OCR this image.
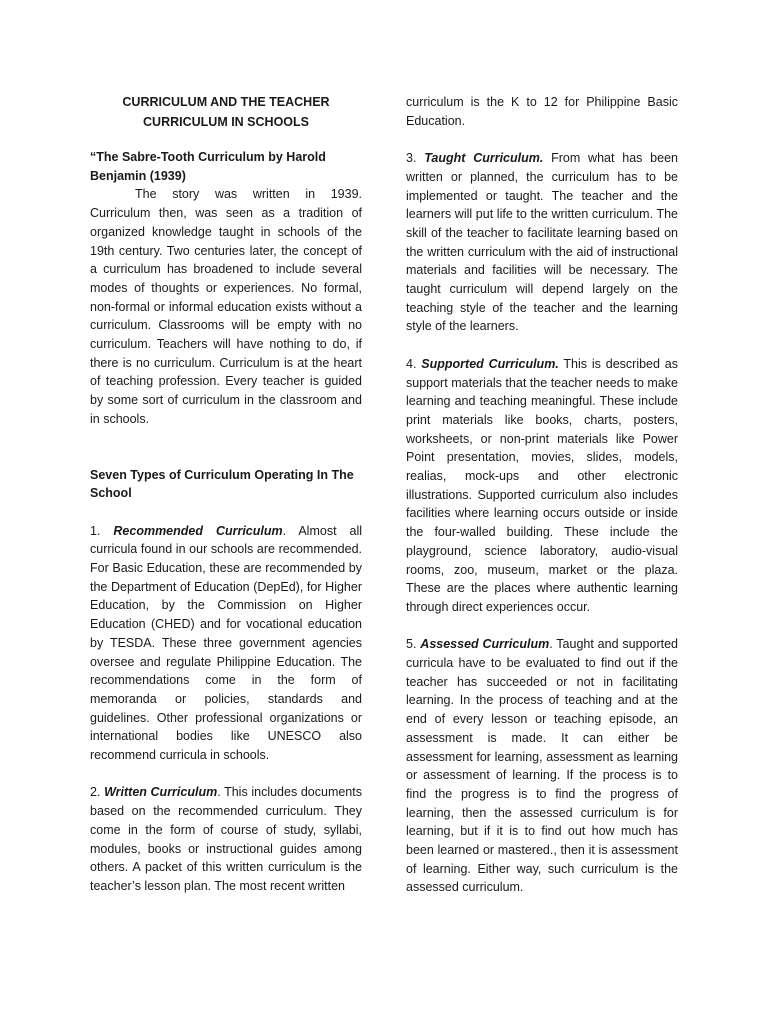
CURRICULUM AND THE TEACHER

CURRICULUM IN SCHOOLS

“The Sabre-Tooth Curriculum by Harold Benjamin (1939)

The story was written in 1939. Curriculum then, was seen as a tradition of organized knowledge taught in schools of the 19th century. Two centuries later, the concept of a curriculum has broadened to include several modes of thoughts or experiences. No formal, non-formal or informal education exists without a curriculum. Classrooms will be empty with no curriculum. Teachers will have nothing to do, if there is no curriculum. Curriculum is at the heart of teaching profession. Every teacher is guided by some sort of curriculum in the classroom and in schools.

Seven Types of Curriculum Operating In The School

1. Recommended Curriculum. Almost all curricula found in our schools are recommended. For Basic Education, these are recommended by the Department of Education (DepEd), for Higher Education, by the Commission on Higher Education (CHED) and for vocational education by TESDA. These three government agencies oversee and regulate Philippine Education. The recommendations come in the form of memoranda or policies, standards and guidelines. Other professional organizations or international bodies like UNESCO also recommend curricula in schools.

2. Written Curriculum. This includes documents based on the recommended curriculum. They come in the form of course of study, syllabi, modules, books or instructional guides among others. A packet of this written curriculum is the teacher’s lesson plan. The most recent written

curriculum is the K to 12 for Philippine Basic Education.

3. Taught Curriculum. From what has been written or planned, the curriculum has to be implemented or taught. The teacher and the learners will put life to the written curriculum. The skill of the teacher to facilitate learning based on the written curriculum with the aid of instructional materials and facilities will be necessary. The taught curriculum will depend largely on the teaching style of the teacher and the learning style of the learners.

4. Supported Curriculum. This is described as support materials that the teacher needs to make learning and teaching meaningful. These include print materials like books, charts, posters, worksheets, or non-print materials like Power Point presentation, movies, slides, models, realias, mock-ups and other electronic illustrations. Supported curriculum also includes facilities where learning occurs outside or inside the four-walled building. These include the playground, science laboratory, audio-visual rooms, zoo, museum, market or the plaza. These are the places where authentic learning through direct experiences occur.

5. Assessed Curriculum. Taught and supported curricula have to be evaluated to find out if the teacher has succeeded or not in facilitating learning. In the process of teaching and at the end of every lesson or teaching episode, an assessment is made. It can either be assessment for learning, assessment as learning or assessment of learning. If the process is to find the progress is to find the progress of learning, then the assessed curriculum is for learning, but if it is to find out how much has been learned or mastered., then it is assessment of learning. Either way, such curriculum is the assessed curriculum.
